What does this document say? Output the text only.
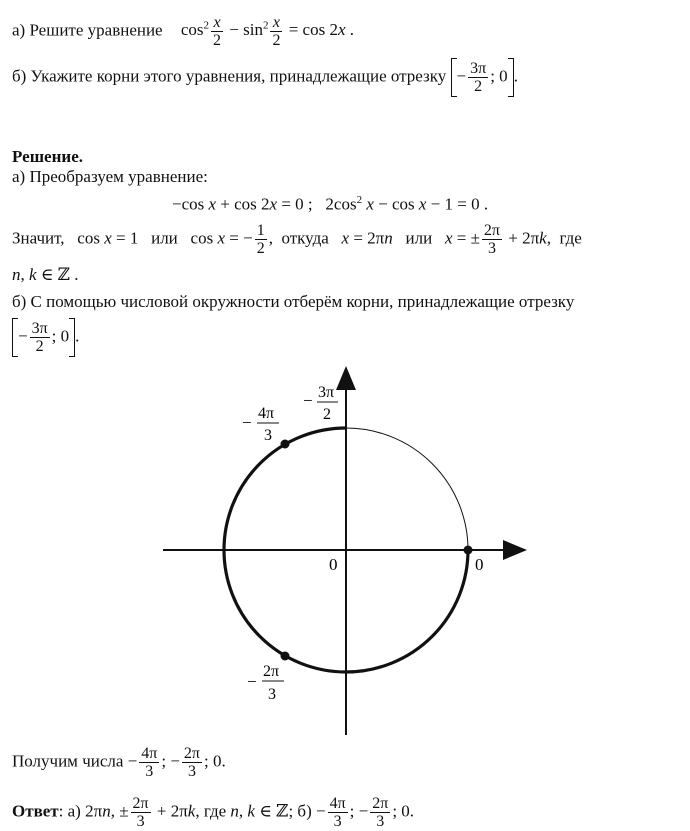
а) Решите уравнение $\cos^2 \frac{x}{2} - \sin^2 \frac{x}{2} = \cos 2x$ .
б) Укажите корни этого уравнения, принадлежащие отрезку − $\frac{3\pi}{2}$ ; 0 .
Решение.
а) Преобразуем уравнение:
−cos x + cos 2x = 0 ;   $2\cos^2$ x − cos x − 1 = 0 .
Значит,   cos x = 1   или   cos x = − $\frac{1}{2}$ ,  откуда x = 2πn или x = ± $\frac{2\pi}{3} + 2\pi k$,  где
n, k ∈ ℤ .
б) С помощью числовой окружности отберём корни, принадлежащие отрезку
− $\frac{3\pi}{2}$ ; 0 .
0	0
− 3π
2
− 4π
3
−
2π
3
Получим числа − $\frac{4\pi}{3}$ ; − $\frac{2\pi}{3}$ ; 0.
Ответ: а) 2πn, ± $\frac{2\pi}{3} + 2\pi k$, где n, k ∈ ℤ; $б) - \frac{4\pi}{3}$ ; − $\frac{2\pi}{3}$ ; 0.
